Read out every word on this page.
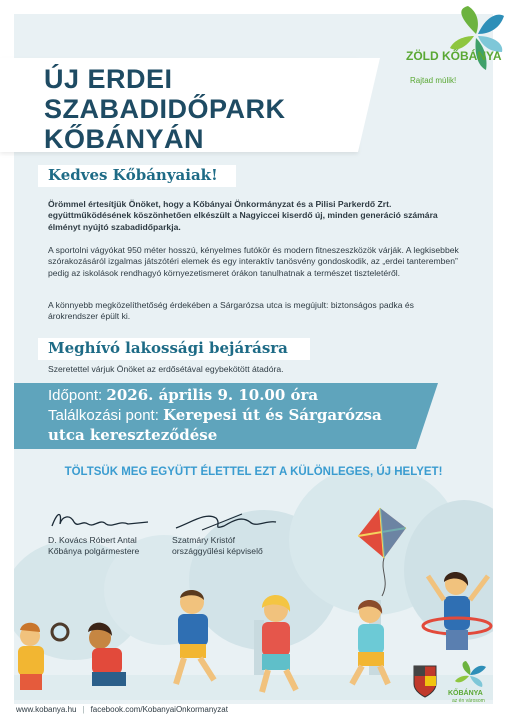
ÚJ ERDEI SZABADIDŐPARK
KŐBÁNYÁN
ZÖLD KŐBÁNYA
Rajtad múlik!
Kedves Kőbányaiak!
Örömmel értesítjük Önöket, hogy a Kőbányai Önkormányzat és a Pilisi Parkerdő Zrt. együttműködésének köszönhetően elkészült a Nagyiccei kiserdő új, minden generáció számára élményt nyújtó szabadidőparkja.
A sportolni vágyókat 950 méter hosszú, kényelmes futókör és modern fitneszeszközök várják. A legkisebbek szórakozásáról izgalmas játszótéri elemek és egy interaktív tanösvény gondoskodik, az „erdei tanteremben” pedig az iskolások rendhagyó környezetismeret órákon tanulhatnak a természet tiszteletéről.
A könnyebb megközelíthetőség érdekében a Sárgarózsa utca is megújult: biztonságos padka és árokrendszer épült ki.
Meghívó lakossági bejárásra
Szeretettel várjuk Önöket az erdősétával egybekötött átadóra.
Időpont: 2026. április 9. 10.00 óra
Találkozási pont: Kerepesi út és Sárgarózsa
utca kereszteződése
TÖLTSÜK MEG EGYÜTT ÉLETTEL EZT A KÜLÖNLEGES, ÚJ HELYET!
D. Kovács Róbert Antal
Kőbánya polgármestere
Szatmáry Kristóf
országgyűlési képviselő
KŐBÁNYA
az én városom
www.kobanya.hu | facebook.com/KobanyaiOnkormanyzat
